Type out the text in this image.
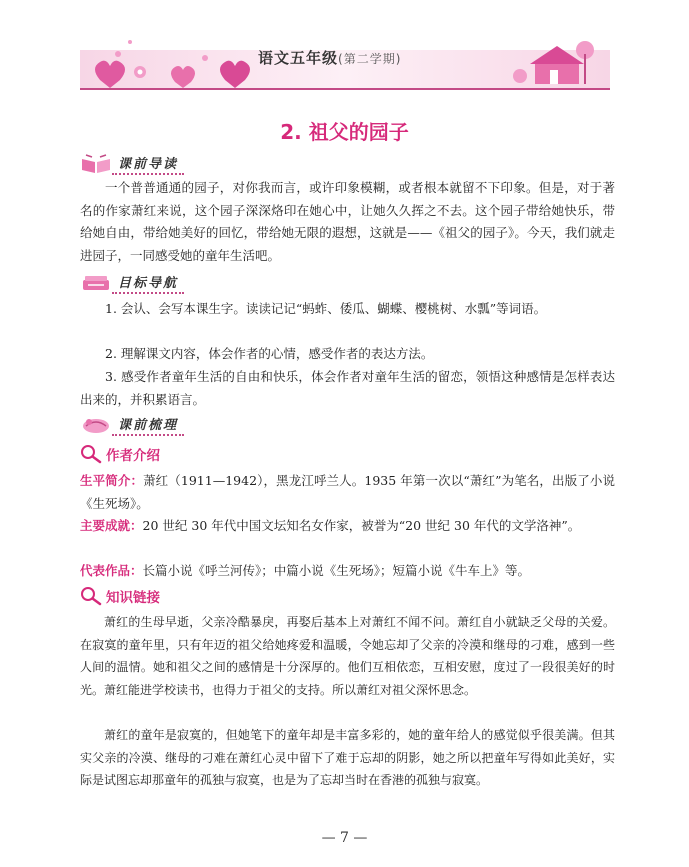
语文五年级(第二学期)
2. 祖父的园子
课前导读
一个普普通通的园子，对你我而言，或许印象模糊，或者根本就留不下印象。但是，对于著名的作家萧红来说，这个园子深深烙印在她心中，让她久久挥之不去。这个园子带给她快乐，带给她自由，带给她美好的回忆，带给她无限的遐想，这就是——《祖父的园子》。今天，我们就走进园子，一同感受她的童年生活吧。
目标导航
1. 会认、会写本课生字。读读记记“蚂蚱、倭瓜、蝴蝶、樱桃树、水瓢”等词语。
2. 理解课文内容，体会作者的心情，感受作者的表达方法。
3. 感受作者童年生活的自由和快乐，体会作者对童年生活的留恋，领悟这种感情是怎样表达出来的，并积累语言。
课前梳理
作者介绍
生平简介：萧红（1911—1942），黑龙江呼兰人。1935 年第一次以“萧红”为笔名，出版了小说《生死场》。
主要成就：20 世纪 30 年代中国文坛知名女作家，被誉为“20 世纪 30 年代的文学洛神”。
代表作品：长篇小说《呼兰河传》；中篇小说《生死场》；短篇小说《牛车上》等。
知识链接
萧红的生母早逝，父亲冷酷暴戾，再娶后基本上对萧红不闻不问。萧红自小就缺乏父母的关爱。在寂寞的童年里，只有年迈的祖父给她疼爱和温暖，令她忘却了父亲的冷漠和继母的刁难，感到一些人间的温情。她和祖父之间的感情是十分深厚的。他们互相依恋，互相安慰，度过了一段很美好的时光。萧红能进学校读书，也得力于祖父的支持。所以萧红对祖父深怀思念。
萧红的童年是寂寞的，但她笔下的童年却是丰富多彩的，她的童年给人的感觉似乎很美满。但其实父亲的冷漠、继母的刁难在萧红心灵中留下了难于忘却的阴影，她之所以把童年写得如此美好，实际是试图忘却那童年的孤独与寂寞，也是为了忘却当时在香港的孤独与寂寞。
— 7 —
